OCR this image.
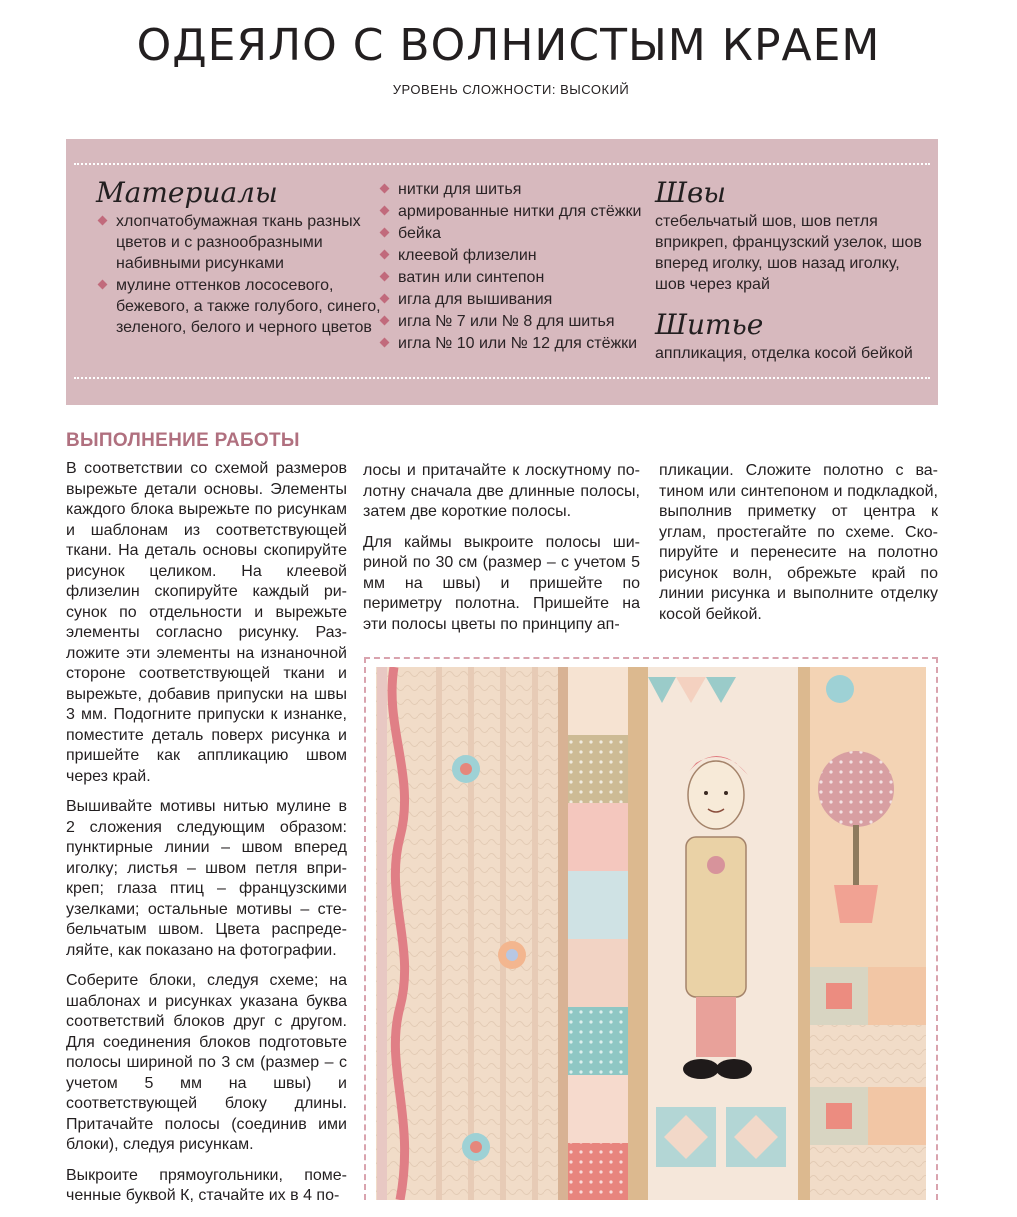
ОДЕЯЛО С ВОЛНИСТЫМ КРАЕМ
УРОВЕНЬ СЛОЖНОСТИ: ВЫСОКИЙ
Материалы
хлопчатобумажная ткань разных цветов и с разнообразными набивными рисунками
мулине оттенков лососевого, бежевого, а также голубого, синего, зеленого, белого и черного цветов
нитки для шитья
армированные нитки для стёжки
бейка
клеевой флизелин
ватин или синтепон
игла для вышивания
игла № 7 или № 8 для шитья
игла № 10 или № 12 для стёжки
Швы

стебельчатый шов, шов петля вприкреп, французский узелок, шов вперед иголку, шов назад иголку, шов через край

Шитье

аппликация, отделка косой бейкой

ВЫПОЛНЕНИЕ РАБОТЫ

В соответствии со схемой размеров вырежьте детали основы. Элементы каждого блока вырежьте по рисункам и шаблонам из соответствующей ткани. На деталь основы скопируйте рисунок целиком. На клеевой флизелин скопируйте каждый рисунок по отдельности и вырежьте элементы согласно рисунку. Разложите эти элементы на изнаночной стороне соответствующей ткани и вырежьте, добавив припуски на швы 3 мм. Подогните припуски к изнанке, поместите деталь поверх рисунка и пришейте как аппликацию швом через край.

Вышивайте мотивы нитью мулине в 2 сложения следующим образом: пунктирные линии – швом вперед иголку; листья – швом петля вприкреп; глаза птиц – французскими узелками; остальные мотивы – стебельчатым швом. Цвета распределяйте, как показано на фотографии.

Соберите блоки, следуя схеме; на шаблонах и рисунках указана буква соответствий блоков друг с другом. Для соединения блоков подготовьте полосы шириной по 3 см (размер – с учетом 5 мм на швы) и соответствующей блоку длины. Притачайте полосы (соединив ими блоки), следуя рисункам.

Выкроите прямоугольники, помеченные буквой К, стачайте их в 4 по-

лосы и притачайте к лоскутному полотну сначала две длинные полосы, затем две короткие полосы.

Для каймы выкроите полосы шириной по 30 см (размер – с учетом 5 мм на швы) и пришейте по периметру полотна. Пришейте на эти полосы цветы по принципу ап-

пликации. Сложите полотно с ватином или синтепоном и подкладкой, выполнив приметку от центра к углам, простегайте по схеме. Скопируйте и перенесите на полотно рисунок волн, обрежьте край по линии рисунка и выполните отделку косой бейкой.
